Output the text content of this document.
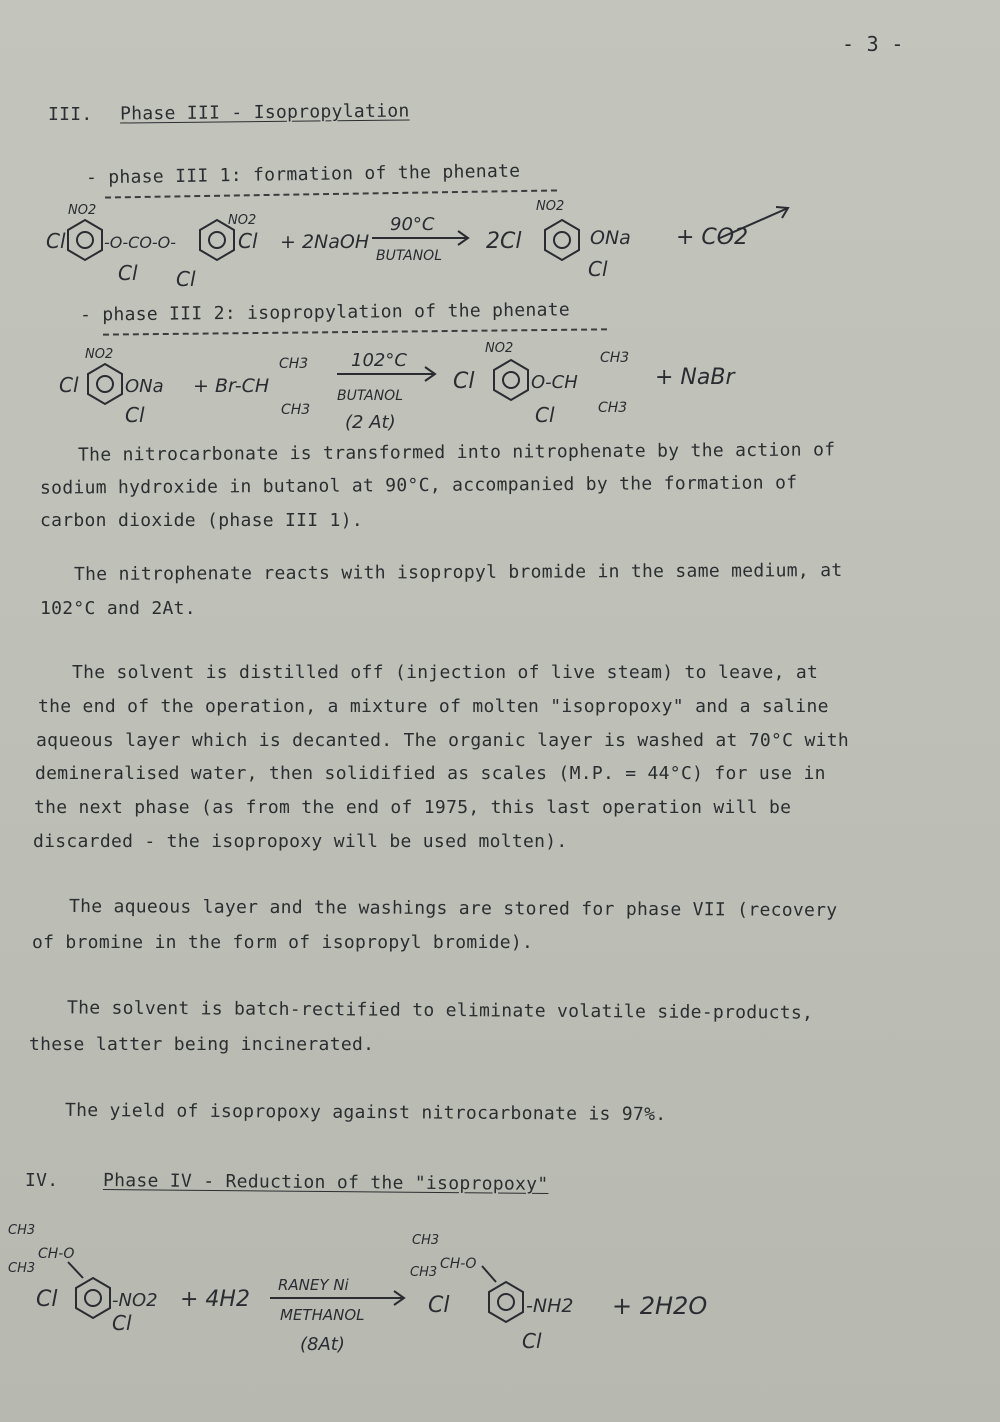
- 3 -
III. Phase III - Isopropylation
- phase III 1: formation of the phenate
Cl
NO2
-O-CO-O-	Cl
NO2
Cl Cl
+ 2NaOH
90°C
BUTANOL
2Cl
NO2
ONa
Cl
+ CO2
- phase III 2: isopropylation of the phenate
Cl
NO2
ONa
Cl
+ Br-CH
CH3
CH3
102°C
BUTANOL
(2 At)
Cl
NO2
O-CH
CH3
CH3
Cl
+ NaBr
The nitrocarbonate is transformed into nitrophenate by the action of
sodium hydroxide in butanol at 90°C, accompanied by the formation of
carbon dioxide (phase III 1).
The nitrophenate reacts with isopropyl bromide in the same medium, at
102°C and 2At.
The solvent is distilled off (injection of live steam) to leave, at
the end of the operation, a mixture of molten "isopropoxy" and a saline
aqueous layer which is decanted. The organic layer is washed at 70°C with
demineralised water, then solidified as scales (M.P. = 44°C) for use in
the next phase (as from the end of 1975, this last operation will be
discarded - the isopropoxy will be used molten).
The aqueous layer and the washings are stored for phase VII (recovery
of bromine in the form of isopropyl bromide).
The solvent is batch-rectified to eliminate volatile side-products,
these latter being incinerated.
The yield of isopropoxy against nitrocarbonate is 97%.
IV. Phase IV - Reduction of the "isopropoxy"
CH3
CH-O
CH3
Cl	-NO2
Cl
+ 4H2
RANEY Ni
METHANOL
(8At)
CH3
CH-O
CH3
Cl	-NH2
Cl
+ 2H2O
